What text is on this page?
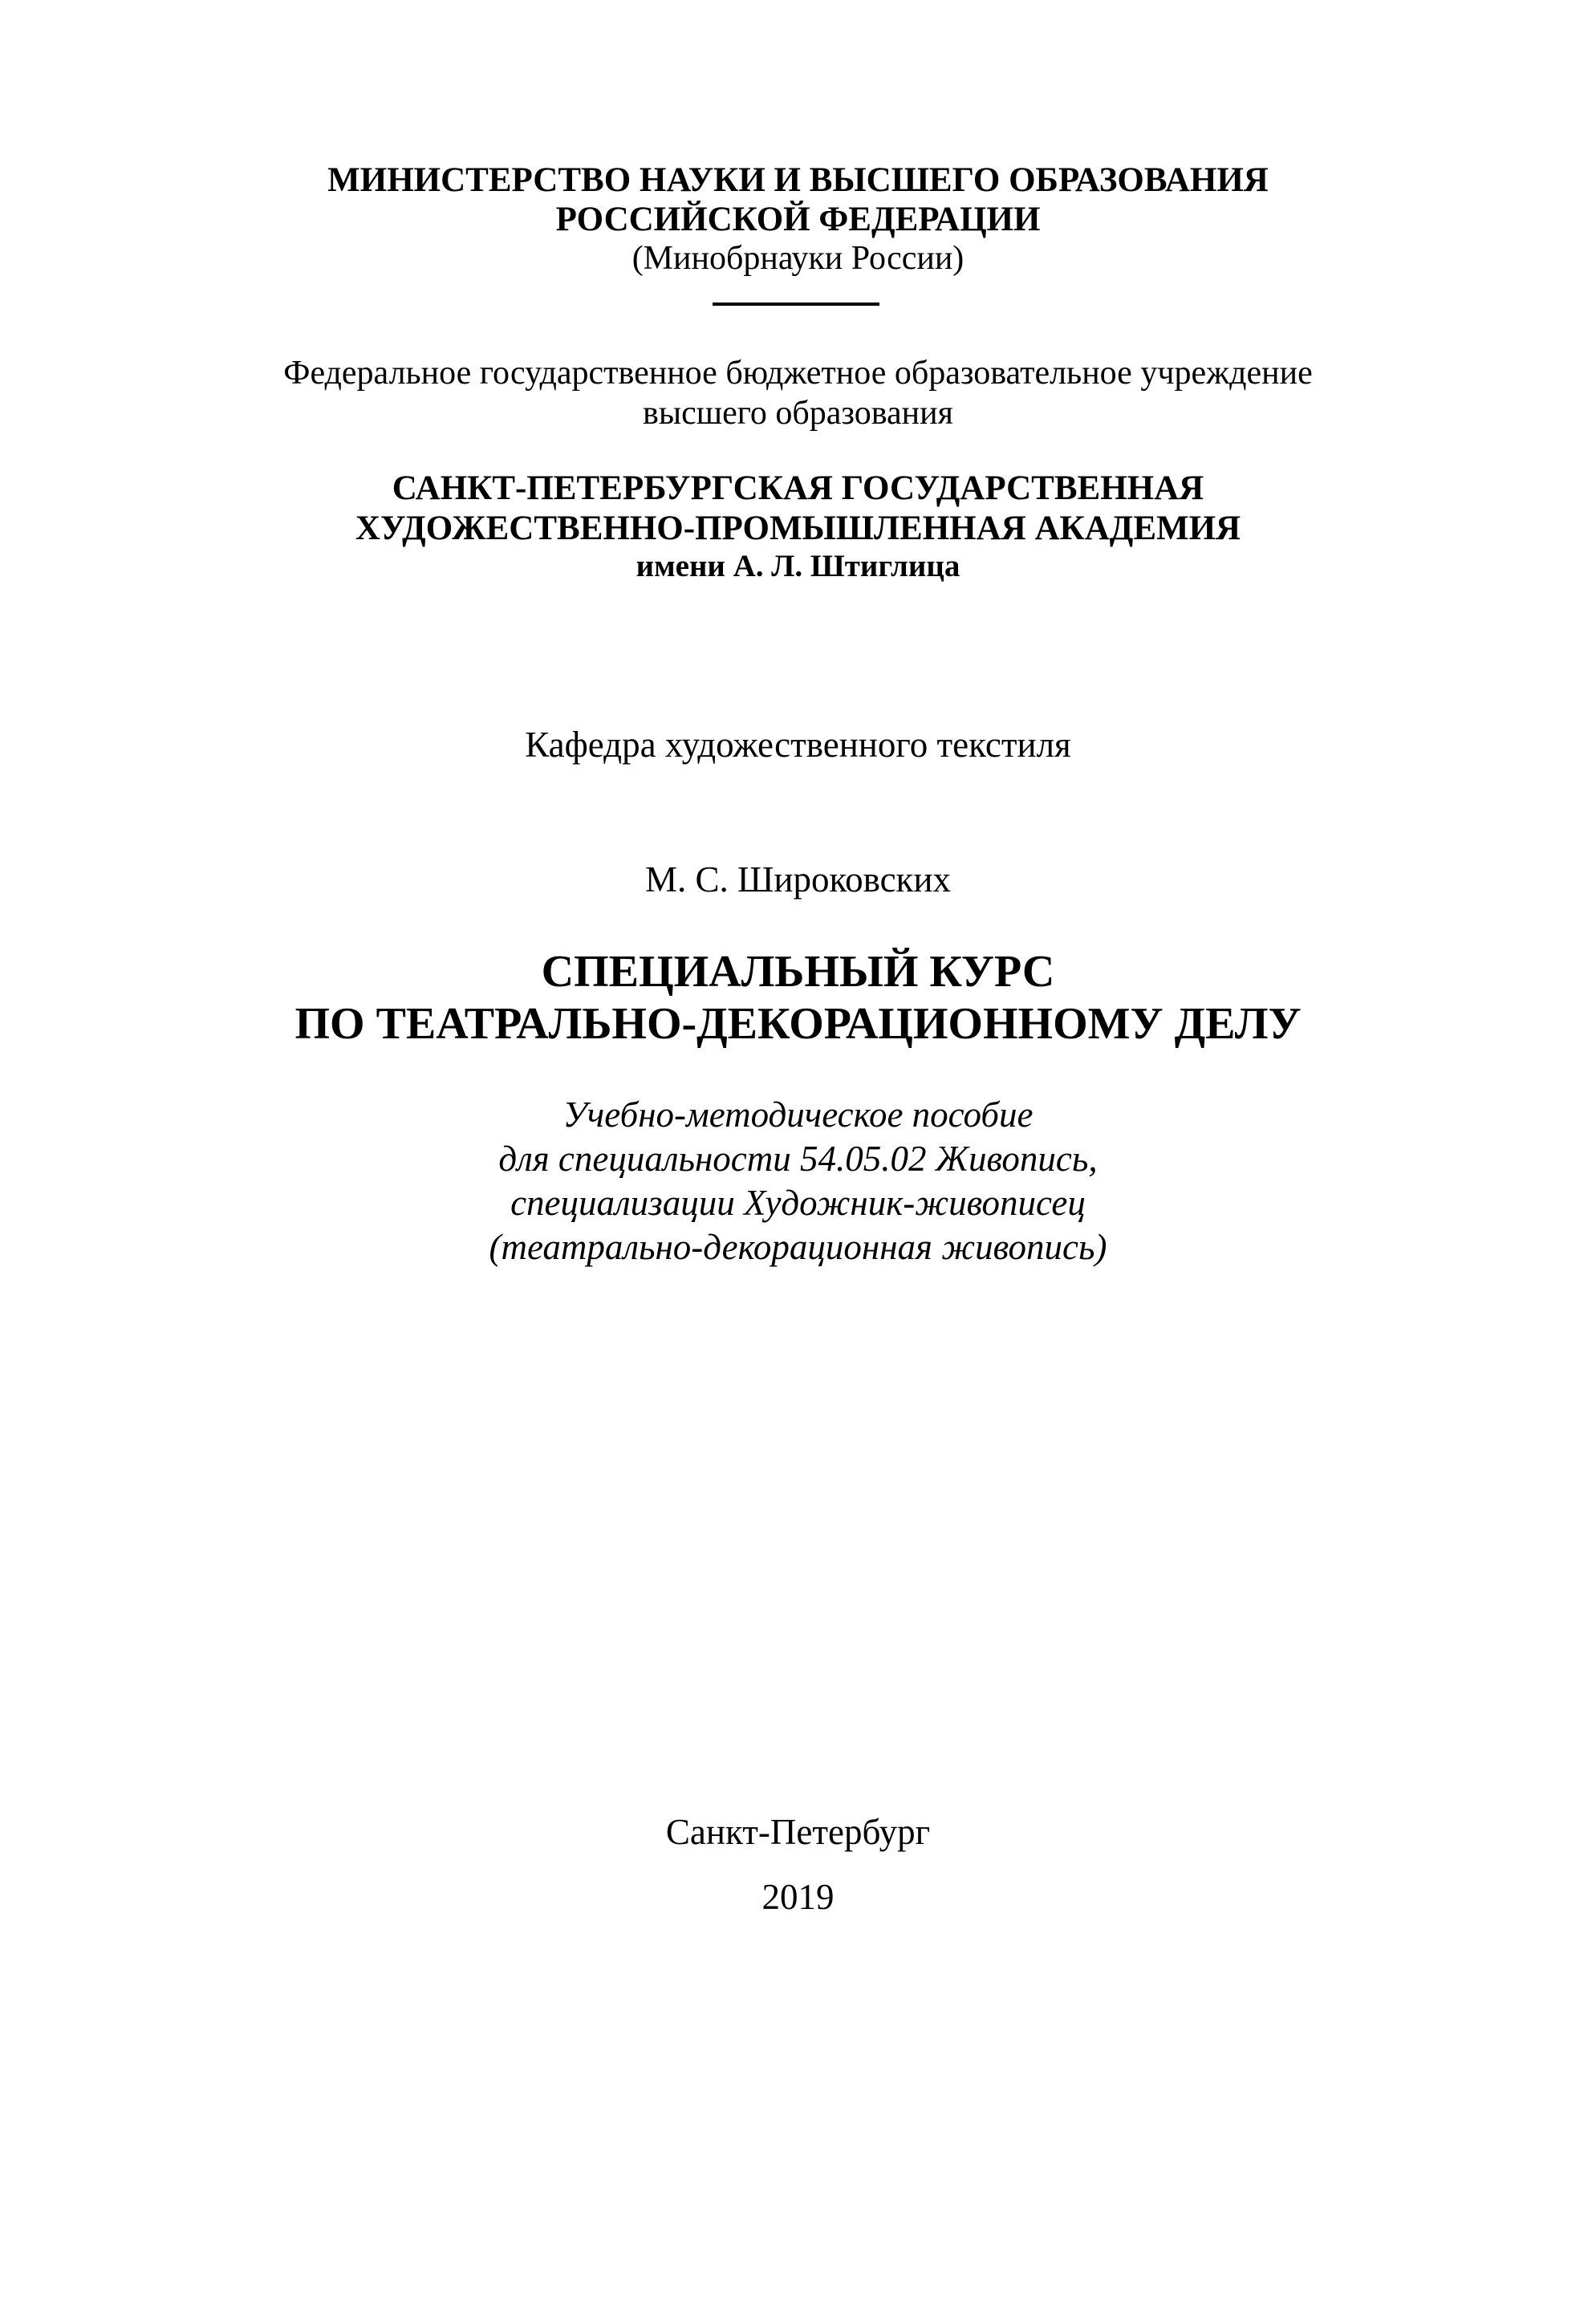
МИНИСТЕРСТВО НАУКИ И ВЫСШЕГО ОБРАЗОВАНИЯ
РОССИЙСКОЙ ФЕДЕРАЦИИ
(Минобрнауки России)
Федеральное государственное бюджетное образовательное учреждение
высшего образования
САНКТ-ПЕТЕРБУРГСКАЯ ГОСУДАРСТВЕННАЯ
ХУДОЖЕСТВЕННО-ПРОМЫШЛЕННАЯ АКАДЕМИЯ
имени А. Л. Штиглица
Кафедра художественного текстиля
М. С. Широковских
СПЕЦИАЛЬНЫЙ КУРС
ПО ТЕАТРАЛЬНО-ДЕКОРАЦИОННОМУ ДЕЛУ
Учебно-методическое пособие
для специальности 54.05.02 Живопись,
специализации Художник-живописец
(театрально-декорационная живопись)
Санкт-Петербург
2019
